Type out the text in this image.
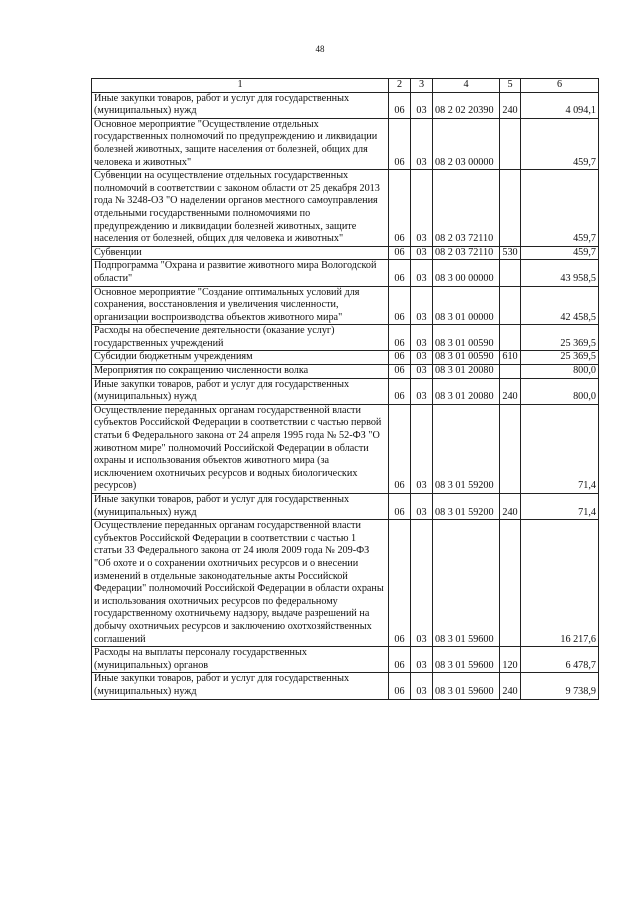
48
1	2	3	4	5	6
Иные закупки товаров, работ и услуг для государственных (муниципальных) нужд	06	03	08 2 02 20390	240	4 094,1
Основное мероприятие "Осуществление отдельных государственных полномочий по предупреждению и ликвидации болезней животных, защите населения от болезней, общих для человека и животных"	06	03	08 2 03 00000		459,7
Субвенции на осуществление отдельных государственных полномочий в соответствии с законом области от 25 декабря 2013 года № 3248-ОЗ "О наделении органов местного самоуправления отдельными государственными полномочиями по предупреждению и ликвидации болезней животных, защите населения от болезней, общих для человека и животных"	06	03	08 2 03 72110		459,7
Субвенции	06	03	08 2 03 72110	530	459,7
Подпрограмма "Охрана и развитие животного мира Вологодской области"	06	03	08 3 00 00000		43 958,5
Основное мероприятие "Создание оптимальных условий для сохранения, восстановления и увеличения численности, организации воспроизводства объектов животного мира"	06	03	08 3 01 00000		42 458,5
Расходы на обеспечение деятельности (оказание услуг) государственных учреждений	06	03	08 3 01 00590		25 369,5
Субсидии бюджетным учреждениям	06	03	08 3 01 00590	610	25 369,5
Мероприятия по сокращению численности волка	06	03	08 3 01 20080		800,0
Иные закупки товаров, работ и услуг для государственных (муниципальных) нужд	06	03	08 3 01 20080	240	800,0
Осуществление переданных органам государственной власти субъектов Российской Федерации в соответствии с частью первой статьи 6 Федерального закона от 24 апреля 1995 года № 52-ФЗ "О животном мире" полномочий Российской Федерации в области охраны и использования объектов животного мира (за исключением охотничьих ресурсов и водных биологических ресурсов)	06	03	08 3 01 59200		71,4
Иные закупки товаров, работ и услуг для государственных (муниципальных) нужд	06	03	08 3 01 59200	240	71,4
Осуществление переданных органам государственной власти субъектов Российской Федерации в соответствии с частью 1 статьи 33 Федерального закона от 24 июля 2009 года № 209-ФЗ "Об охоте и о сохранении охотничьих ресурсов и о внесении изменений в отдельные законодательные акты Российской Федерации" полномочий Российской Федерации в области охраны и использования охотничьих ресурсов по федеральному государственному охотничьему надзору, выдаче разрешений на добычу охотничьих ресурсов и заключению охотхозяйственных соглашений	06	03	08 3 01 59600		16 217,6
Расходы на выплаты персоналу государственных (муниципальных) органов	06	03	08 3 01 59600	120	6 478,7
Иные закупки товаров, работ и услуг для государственных (муниципальных) нужд	06	03	08 3 01 59600	240	9 738,9
